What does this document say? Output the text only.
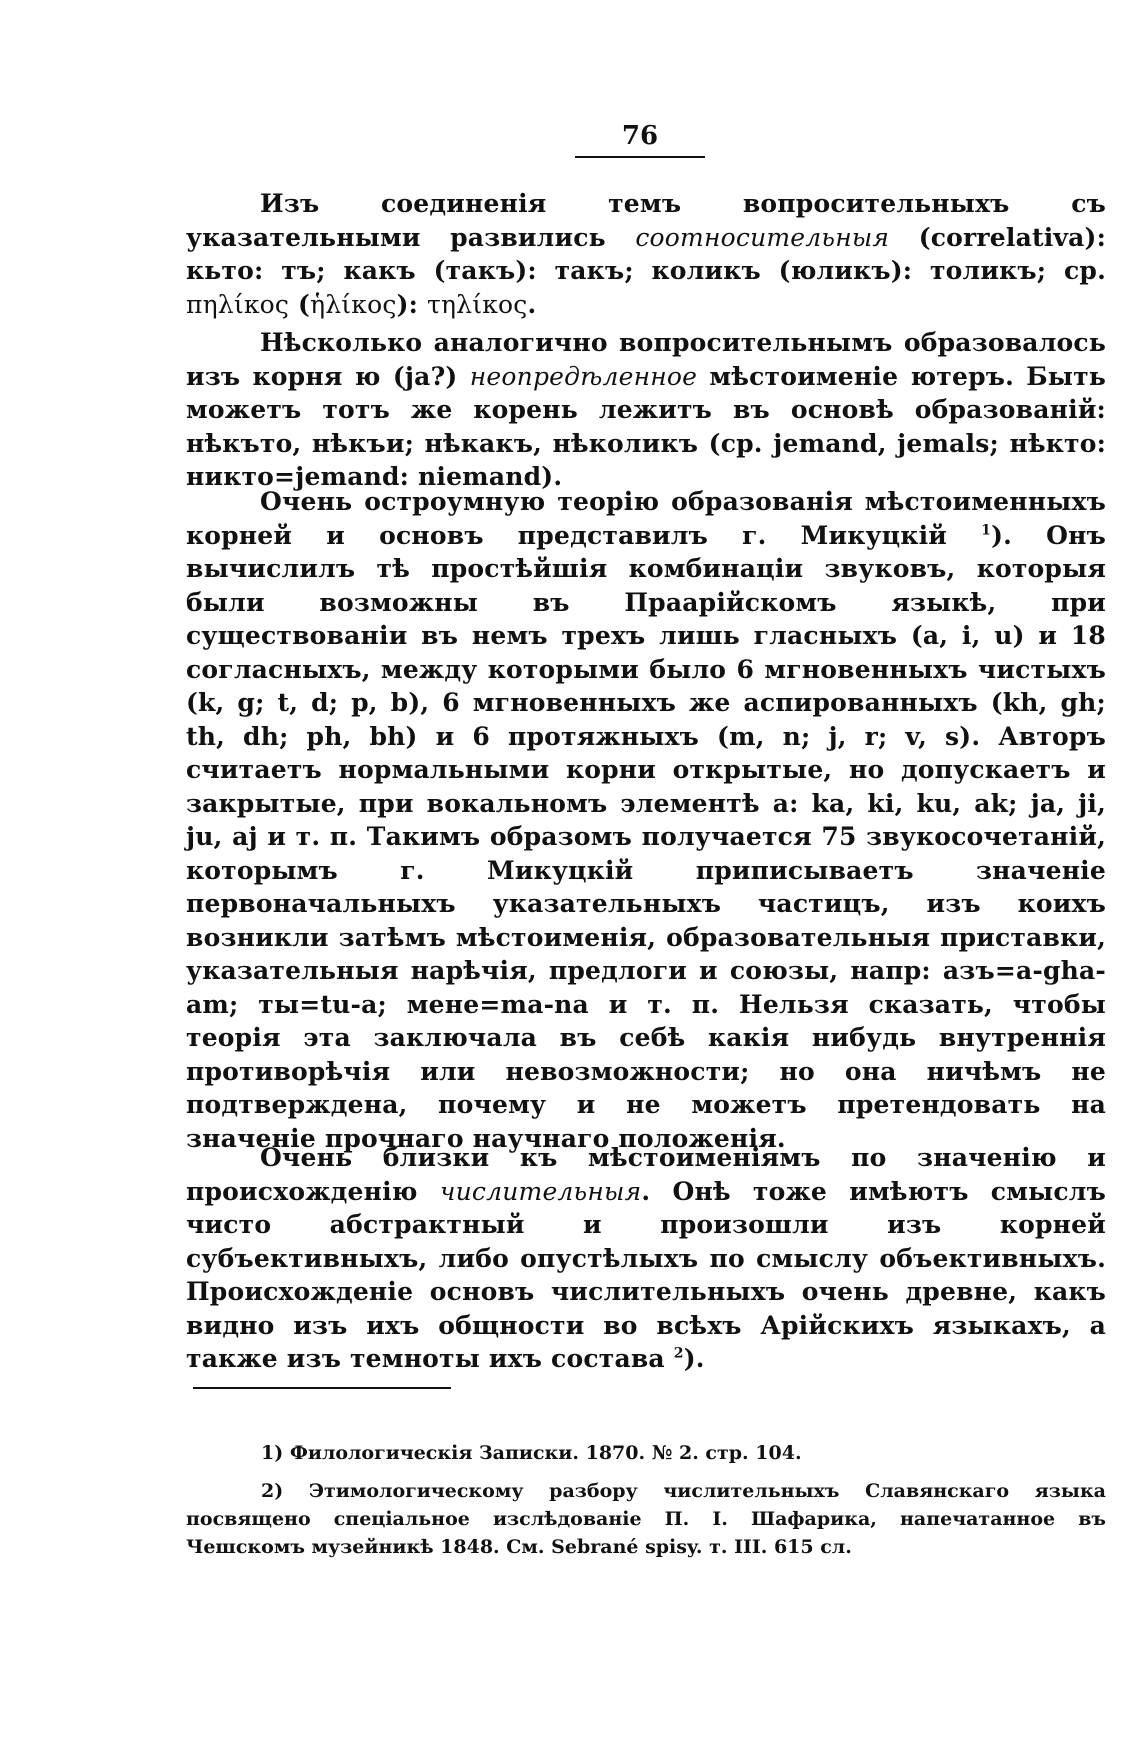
76

Изъ соединенія темъ вопросительныхъ съ указательными развились соотносительныя (correlativa): кьто: тъ; какъ (такъ): такъ; коликъ (юликъ): толикъ; ср. πηλίκος (ἡλίκος): τηλίκος.

Нѣсколько аналогично вопросительнымъ образовалось изъ корня ю (ja?) неопредѣленное мѣстоименіе ютеръ. Быть можетъ тотъ же корень лежитъ въ основѣ образованій: нѣкъто, нѣкъи; нѣкакъ, нѣколикъ (ср. jemand, jemals; нѣкто: никто=jemand: niemand).

Очень остроумную теорію образованія мѣстоименныхъ корней и основъ представилъ г. Микуцкій $^1$). Онъ вычислилъ тѣ простѣйшія комбинаціи звуковъ, которыя были возможны въ Праарійскомъ языкѣ, при существованіи въ немъ трехъ лишь гласныхъ (a, i, u) и 18 согласныхъ, между которыми было 6 мгновенныхъ чистыхъ (k, g; t, d; p, b), 6 мгновенныхъ же аспированныхъ (kh, gh; th, dh; ph, bh) и 6 протяжныхъ (m, n; j, r; v, s). Авторъ считаетъ нормальными корни открытые, но допускаетъ и закрытые, при вокальномъ элементѣ a: ka, ki, ku, ak; ja, ji, ju, aj и т. п. Такимъ образомъ получается 75 звукосочетаній, которымъ г. Микуцкій приписываетъ значеніе первоначальныхъ указательныхъ частицъ, изъ коихъ возникли затѣмъ мѣстоименія, образовательныя приставки, указательныя нарѣчія, предлоги и союзы, напр: азъ=a-gha-am; ты=tu-a; мене=ma-na и т. п. Нельзя сказать, чтобы теорія эта заключала въ себѣ какія нибудь внутреннія противорѣчія или невозможности; но она ничѣмъ не подтверждена, почему и не можетъ претендовать на значеніе прочнаго научнаго положенія.

Очень близки къ мѣстоименіямъ по значенію и происхожденію числительныя. Онѣ тоже имѣютъ смыслъ чисто абстрактный и произошли изъ корней субъективныхъ, либо опустѣлыхъ по смыслу объективныхъ. Происхожденіе основъ числительныхъ очень древне, какъ видно изъ ихъ общности во всѣхъ Арійскихъ языкахъ, а также изъ темноты ихъ состава $^2$).

1) Филологическія Записки. 1870. № 2. стр. 104.

2) Этимологическому разбору числительныхъ Славянскаго языка посвящено спеціальное изслѣдованіе П. І. Шафарика, напечатанное въ Чешскомъ музейникѣ 1848. См. Sebrané spisy. т. III. 615 сл.
